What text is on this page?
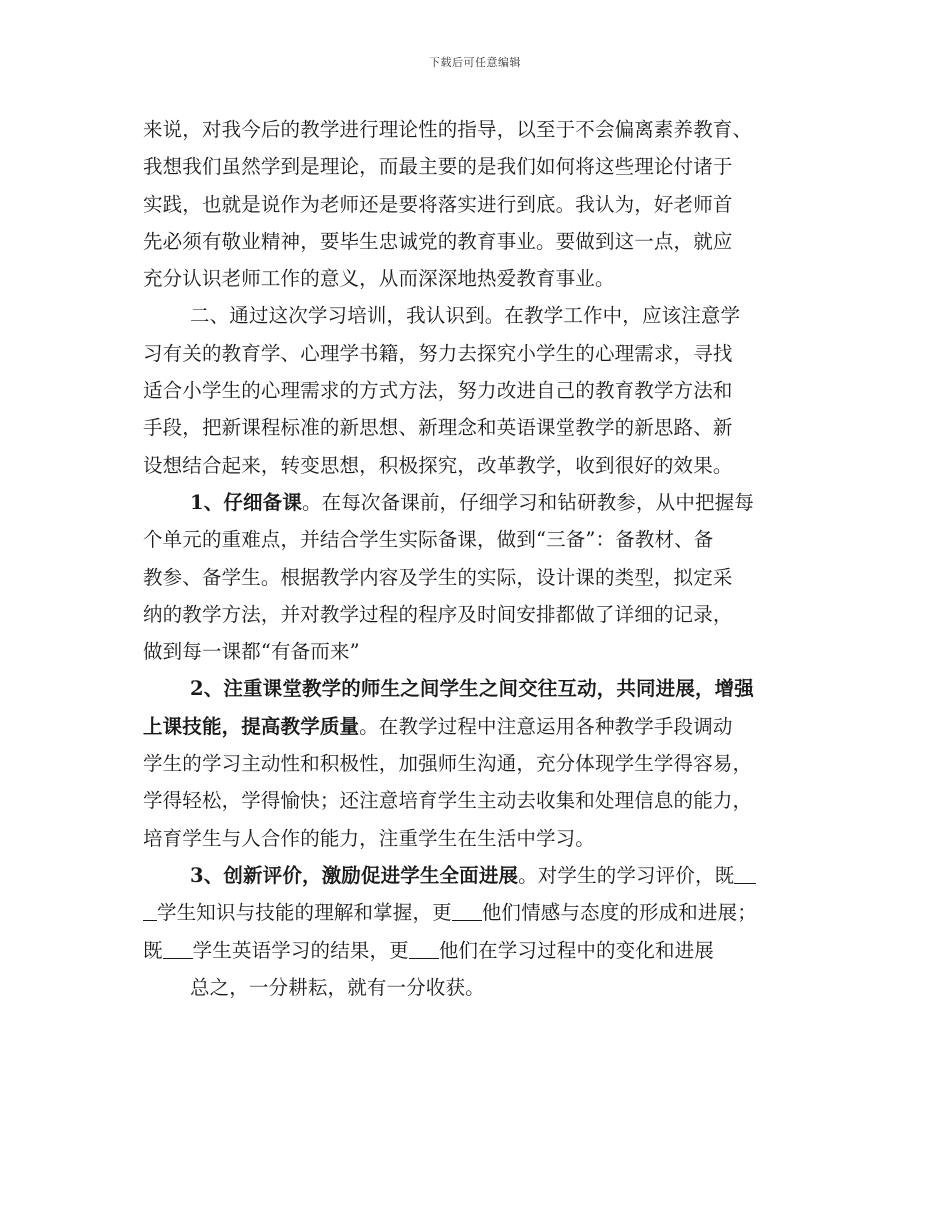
下载后可任意编辑
来说，对我今后的教学进行理论性的指导，以至于不会偏离素养教育、
我想我们虽然学到是理论，而最主要的是我们如何将这些理论付诸于
实践，也就是说作为老师还是要将落实进行到底。我认为，好老师首
先必须有敬业精神，要毕生忠诚党的教育事业。要做到这一点，就应
充分认识老师工作的意义，从而深深地热爱教育事业。
二、通过这次学习培训，我认识到。在教学工作中，应该注意学
习有关的教育学、心理学书籍，努力去探究小学生的心理需求，寻找
适合小学生的心理需求的方式方法，努力改进自己的教育教学方法和
手段，把新课程标准的新思想、新理念和英语课堂教学的新思路、新
设想结合起来，转变思想，积极探究，改革教学，收到很好的效果。
1、仔细备课。在每次备课前，仔细学习和钻研教参，从中把握每
个单元的重难点，并结合学生实际备课，做到“三备”：备教材、备
教参、备学生。根据教学内容及学生的实际，设计课的类型，拟定采
纳的教学方法，并对教学过程的程序及时间安排都做了详细的记录，
做到每一课都“有备而来”
2、注重课堂教学的师生之间学生之间交往互动，共同进展，增强
上课技能，提高教学质量。在教学过程中注意运用各种教学手段调动
学生的学习主动性和积极性，加强师生沟通，充分体现学生学得容易，
学得轻松，学得愉快；还注意培育学生主动去收集和处理信息的能力，
培育学生与人合作的能力，注重学生在生活中学习。
3、创新评价，激励促进学生全面进展。对学生的学习评价，既
学生知识与技能的理解和掌握，更 他们情感与态度的形成和进展；
既 学生英语学习的结果，更 他们在学习过程中的变化和进展
总之，一分耕耘，就有一分收获。
